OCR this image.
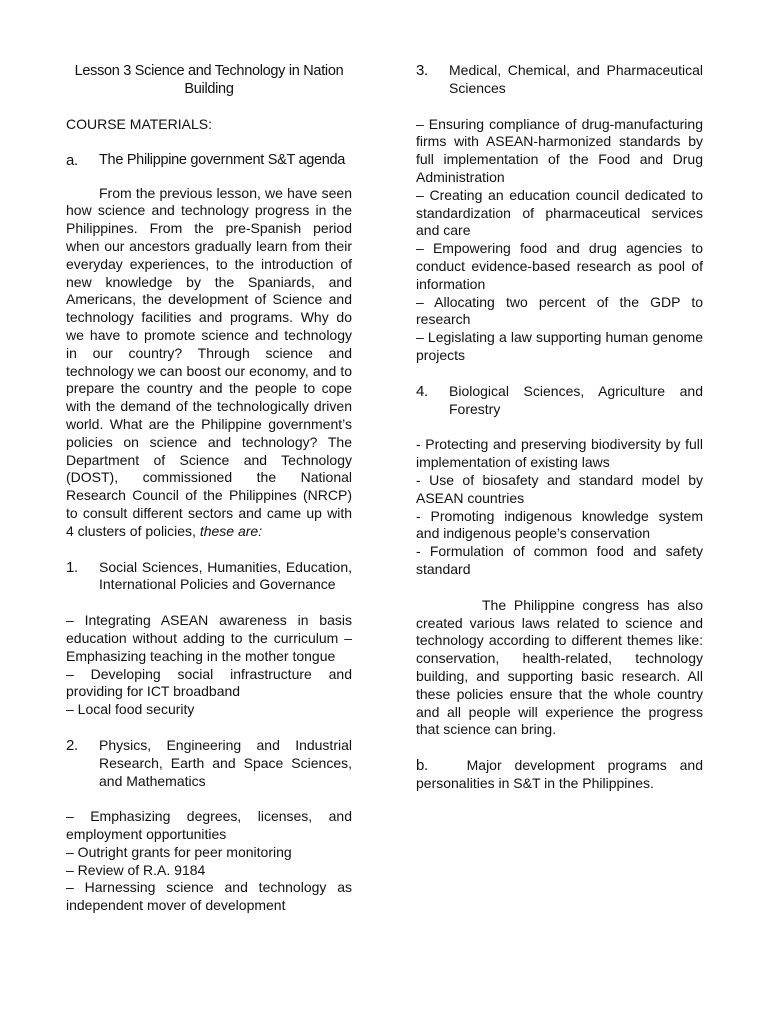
Lesson 3 Science and Technology in Nation Building

COURSE MATERIALS:

a.	The Philippine government S&T agenda

From the previous lesson, we have seen how science and technology progress in the Philippines. From the pre-Spanish period when our ancestors gradually learn from their everyday experiences, to the introduction of new knowledge by the Spaniards, and Americans, the development of Science and technology facilities and programs. Why do we have to promote science and technology in our country? Through science and technology we can boost our economy, and to prepare the country and the people to cope with the demand of the technologically driven world. What are the Philippine government’s policies on science and technology? The Department of Science and Technology (DOST), commissioned the National Research Council of the Philippines (NRCP) to consult different sectors and came up with 4 clusters of policies, these are:

1.	Social Sciences, Humanities, Education, International Policies and Governance

– Integrating ASEAN awareness in basis education without adding to the curriculum – Emphasizing teaching in the mother tongue

– Developing social infrastructure and providing for ICT broadband

– Local food security

2.	Physics, Engineering and Industrial Research, Earth and Space Sciences, and Mathematics

– Emphasizing degrees, licenses, and employment opportunities

– Outright grants for peer monitoring

– Review of R.A. 9184

– Harnessing science and technology as independent mover of development

3.	Medical, Chemical, and Pharmaceutical Sciences

– Ensuring compliance of drug-manufacturing firms with ASEAN-harmonized standards by full implementation of the Food and Drug Administration

– Creating an education council dedicated to standardization of pharmaceutical services and care

– Empowering food and drug agencies to conduct evidence-based research as pool of information

– Allocating two percent of the GDP to research

– Legislating a law supporting human genome projects

4.	Biological Sciences, Agriculture and Forestry

- Protecting and preserving biodiversity by full implementation of existing laws

- Use of biosafety and standard model by ASEAN countries

- Promoting indigenous knowledge system and indigenous people’s conservation

- Formulation of common food and safety standard

The Philippine congress has also created various laws related to science and technology according to different themes like: conservation, health-related, technology building, and supporting basic research. All these policies ensure that the whole country and all people will experience the progress that science can bring.

b.	Major development programs and personalities in S&T in the Philippines.
